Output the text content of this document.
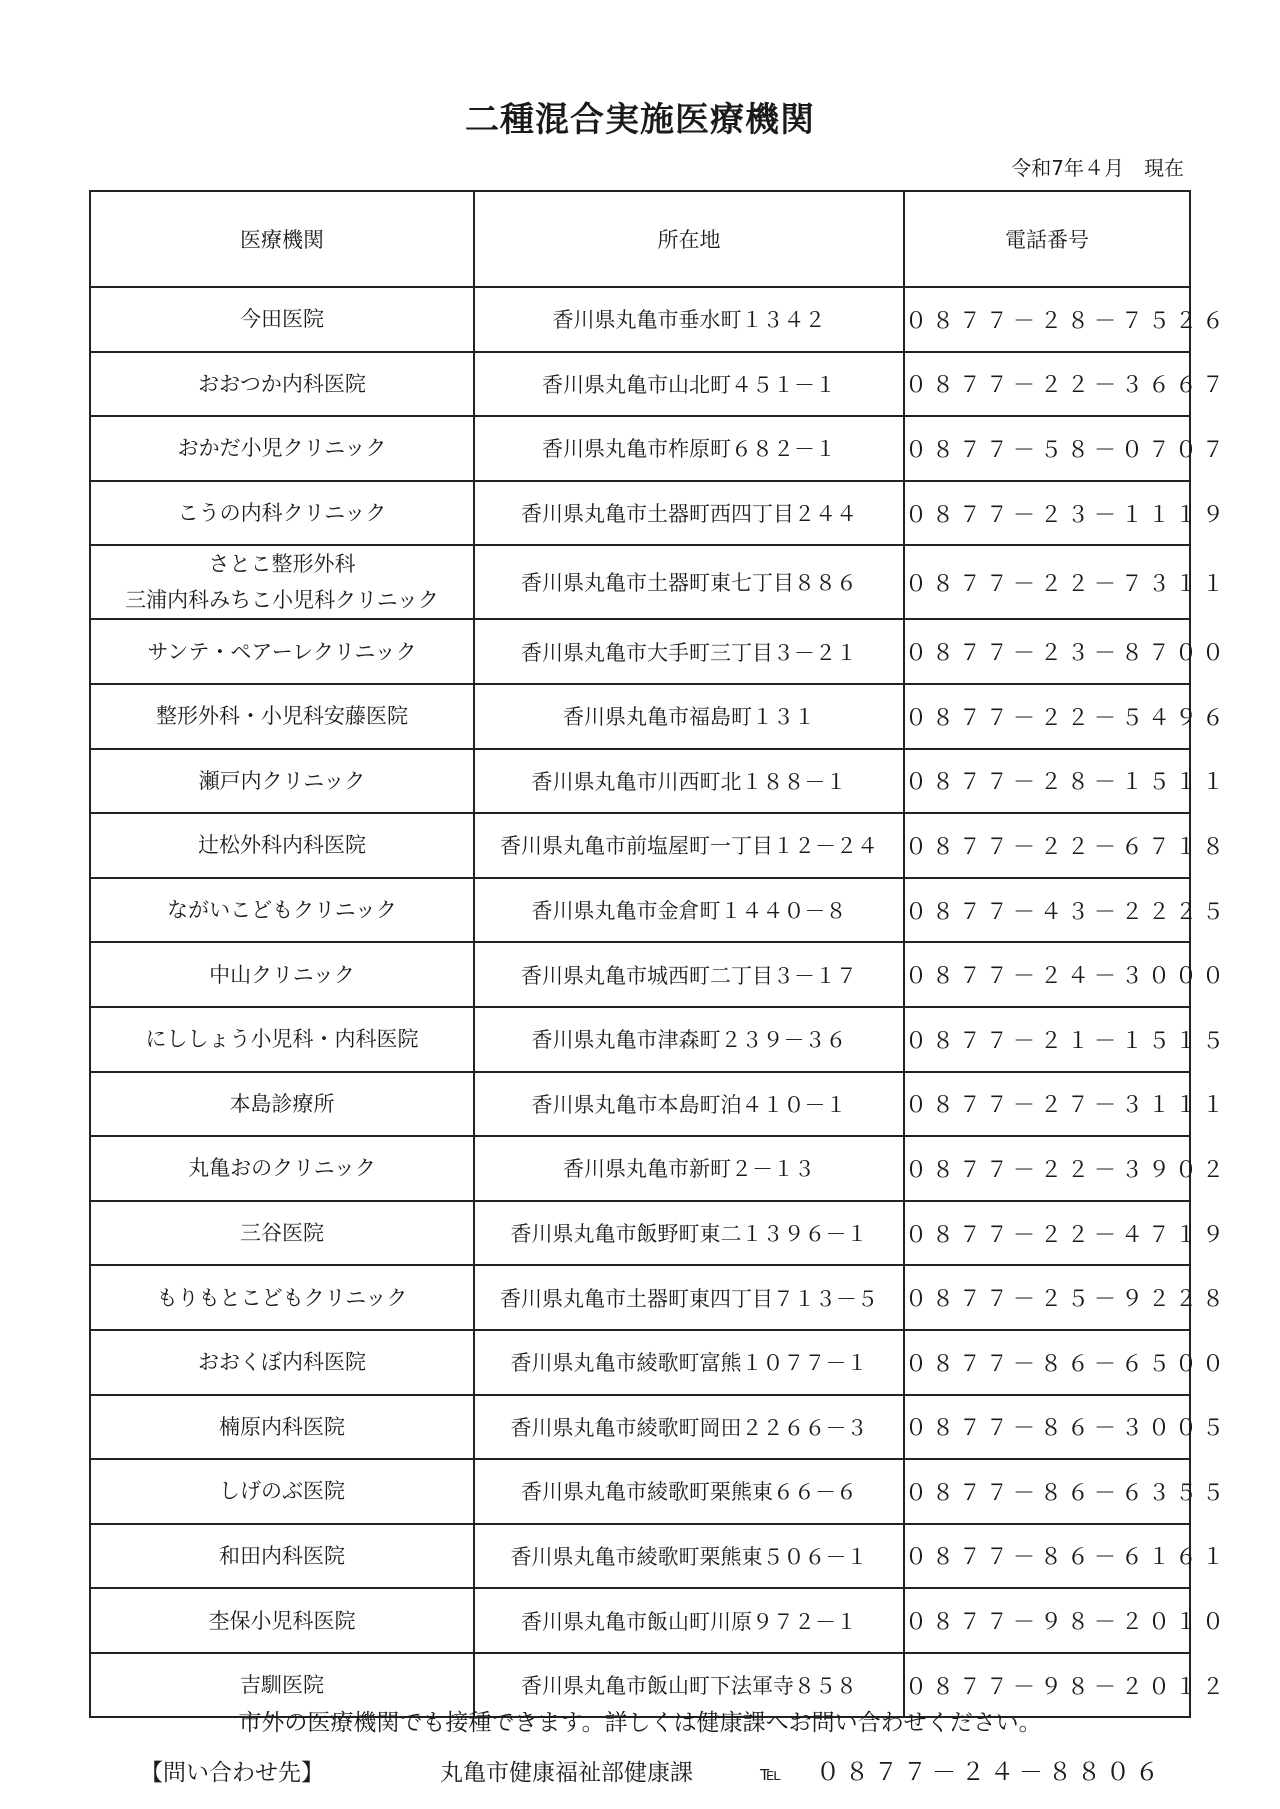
二種混合実施医療機関
令和7年４月　現在
医療機関	所在地	電話番号

今田医院	香川県丸亀市垂水町１３４２	０８７７－２８－７５２６

おおつか内科医院	香川県丸亀市山北町４５１－１	０８７７－２２－３６６７

おかだ小児クリニック	香川県丸亀市柞原町６８２－１	０８７７－５８－０７０７

こうの内科クリニック	香川県丸亀市土器町西四丁目２４４	０８７７－２３－１１１９

さとこ整形外科
三浦内科みちこ小児科クリニック	香川県丸亀市土器町東七丁目８８６	０８７７－２２－７３１１

サンテ・ペアーレクリニック	香川県丸亀市大手町三丁目３－２１	０８７７－２３－８７００

整形外科・小児科安藤医院	香川県丸亀市福島町１３１	０８７７－２２－５４９６

瀬戸内クリニック	香川県丸亀市川西町北１８８－１	０８７７－２８－１５１１

辻松外科内科医院	香川県丸亀市前塩屋町一丁目１２－２４	０８７７－２２－６７１８

ながいこどもクリニック	香川県丸亀市金倉町１４４０－８	０８７７－４３－２２２５

中山クリニック	香川県丸亀市城西町二丁目３－１７	０８７７－２４－３０００

にししょう小児科・内科医院	香川県丸亀市津森町２３９－３６	０８７７－２１－１５１５

本島診療所	香川県丸亀市本島町泊４１０－１	０８７７－２７－３１１１

丸亀おのクリニック	香川県丸亀市新町２－１３	０８７７－２２－３９０２

三谷医院	香川県丸亀市飯野町東二１３９６－１	０８７７－２２－４７１９

もりもとこどもクリニック	香川県丸亀市土器町東四丁目７１３－５	０８７７－２５－９２２８

おおくぼ内科医院	香川県丸亀市綾歌町富熊１０７７－１	０８７７－８６－６５００

楠原内科医院	香川県丸亀市綾歌町岡田２２６６－３	０８７７－８６－３００５

しげのぶ医院	香川県丸亀市綾歌町栗熊東６６－６	０８７７－８６－６３５５

和田内科医院	香川県丸亀市綾歌町栗熊東５０６－１	０８７７－８６－６１６１

杢保小児科医院	香川県丸亀市飯山町川原９７２－１	０８７７－９８－２０１０

吉馴医院	香川県丸亀市飯山町下法軍寺８５８	０８７７－９８－２０１２
市外の医療機関でも接種できます。詳しくは健康課へお問い合わせください。
【問い合わせ先】	丸亀市健康福祉部健康課	℡ ０８７７－２４－８８０６
